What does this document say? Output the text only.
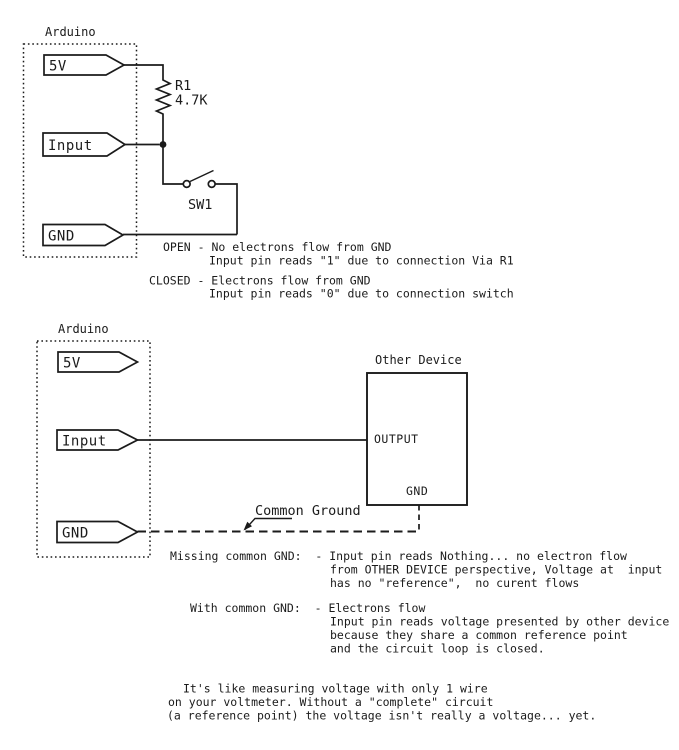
Arduino
5V
Input
GND
R1
4.7K
SW1
OPEN - No electrons flow from GND
Input pin reads "1" due to connection Via R1
CLOSED - Electrons flow from GND
Input pin reads "0" due to connection switch
Arduino
5V
Input
GND
Other Device
OUTPUT
GND
Common Ground
Missing common GND:  - Input pin reads Nothing... no electron flow
from OTHER DEVICE perspective, Voltage at  input
has no "reference",  no curent flows
With common GND:  - Electrons flow
Input pin reads voltage presented by other device
because they share a common reference point
and the circuit loop is closed.
It's like measuring voltage with only 1 wire
on your voltmeter. Without a "complete" circuit
(a reference point) the voltage isn't really a voltage... yet.
